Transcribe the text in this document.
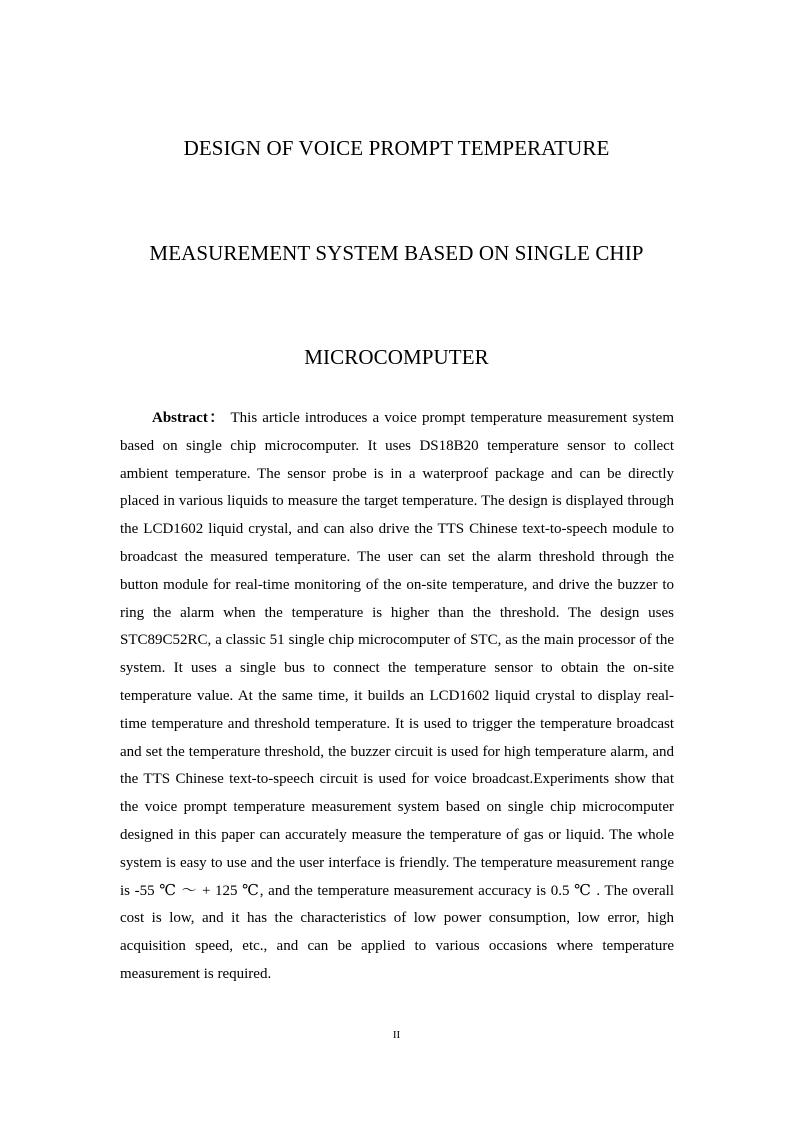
DESIGN OF VOICE PROMPT TEMPERATURE
MEASUREMENT SYSTEM BASED ON SINGLE CHIP
MICROCOMPUTER

Abstract： This article introduces a voice prompt temperature measurement system based on single chip microcomputer. It uses DS18B20 temperature sensor to collect ambient temperature. The sensor probe is in a waterproof package and can be directly placed in various liquids to measure the target temperature. The design is displayed through the LCD1602 liquid crystal, and can also drive the TTS Chinese text-to-speech module to broadcast the measured temperature. The user can set the alarm threshold through the button module for real-time monitoring of the on-site temperature, and drive the buzzer to ring the alarm when the temperature is higher than the threshold. The design uses STC89C52RC, a classic 51 single chip microcomputer of STC, as the main processor of the system. It uses a single bus to connect the temperature sensor to obtain the on-site temperature value. At the same time, it builds an LCD1602 liquid crystal to display real-time temperature and threshold temperature. It is used to trigger the temperature broadcast and set the temperature threshold, the buzzer circuit is used for high temperature alarm, and the TTS Chinese text-to-speech circuit is used for voice broadcast.Experiments show that the voice prompt temperature measurement system based on single chip microcomputer designed in this paper can accurately measure the temperature of gas or liquid. The whole system is easy to use and the user interface is friendly. The temperature measurement range is -55 ℃ ～ + 125 ℃, and the temperature measurement accuracy is 0.5 ℃ . The overall cost is low, and it has the characteristics of low power consumption, low error, high acquisition speed, etc., and can be applied to various occasions where temperature measurement is required.

II
